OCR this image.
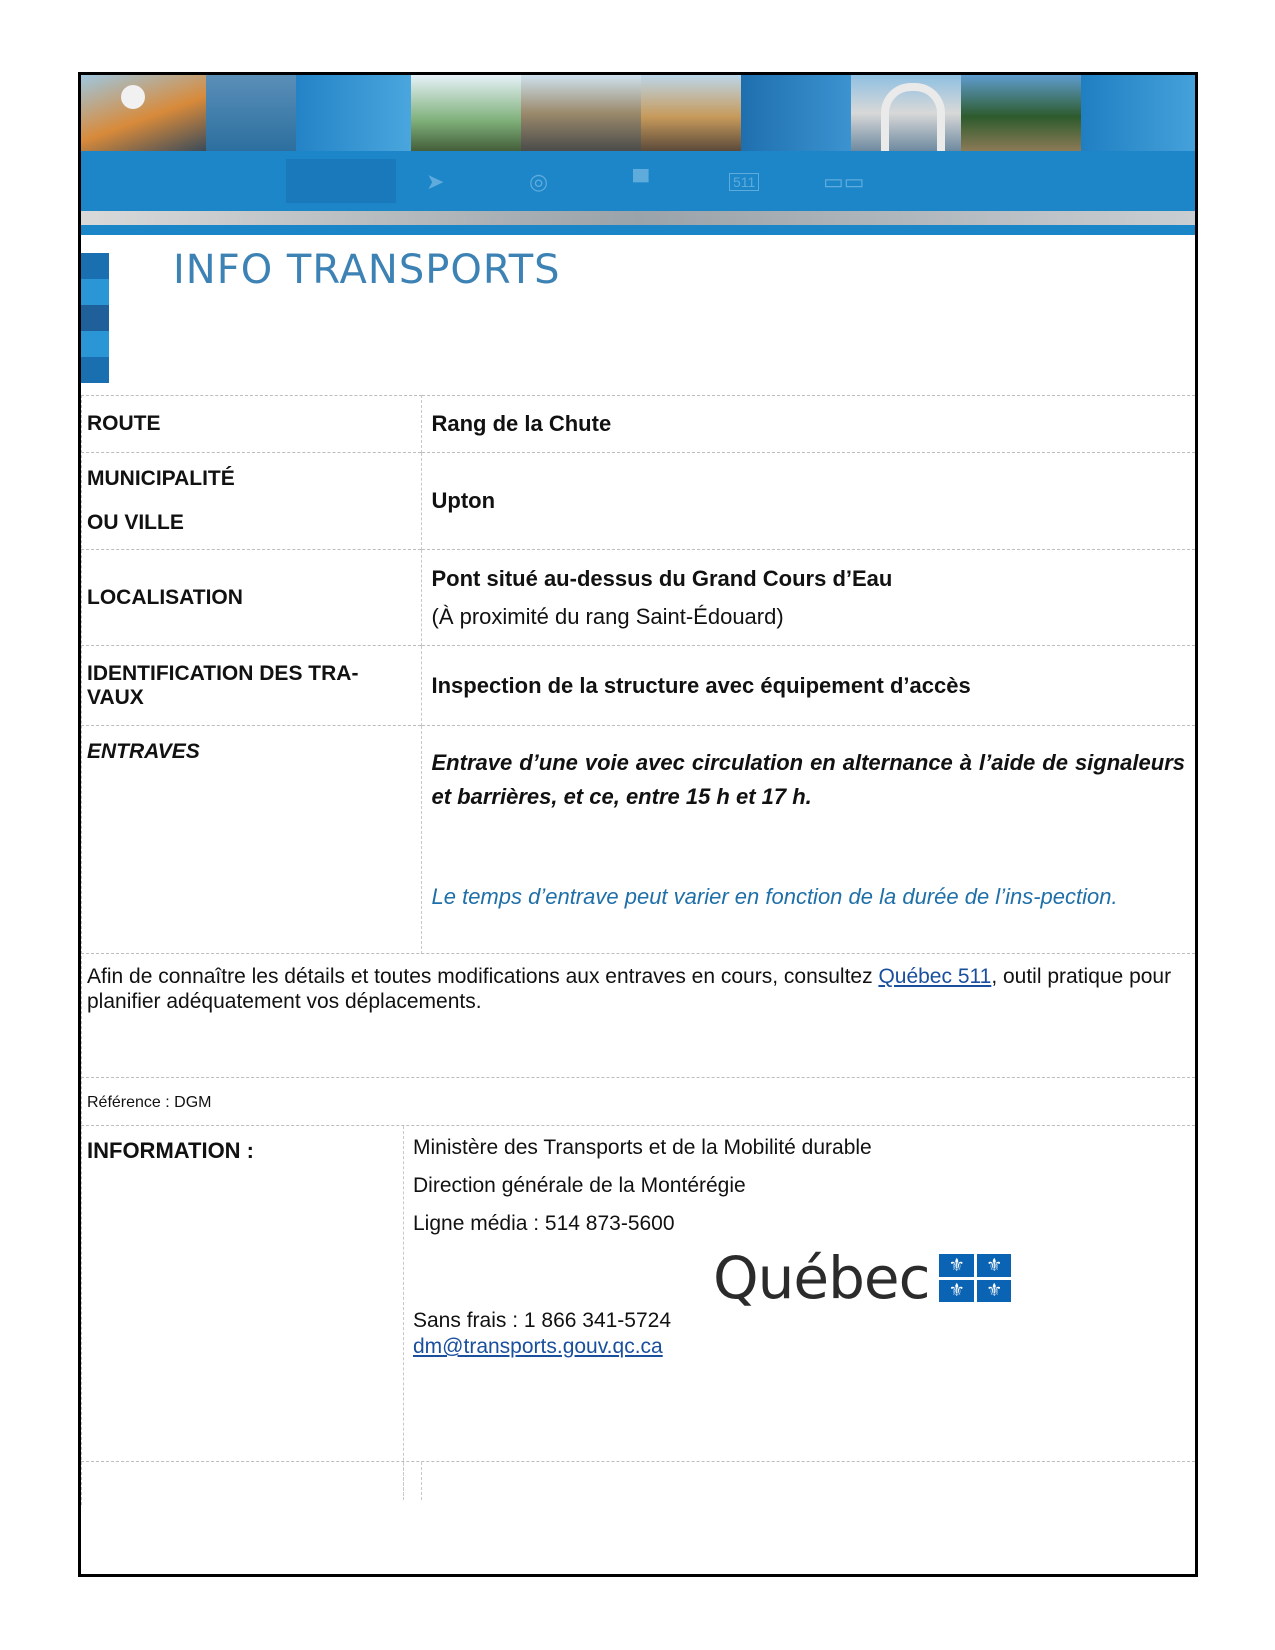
➤	◎	▀	511	▭▭
INFO TRANSPORTS
ROUTE	Rang de la Chute

MUNICIPALITÉ
OU VILLE	Upton
LOCALISATION	Pont situé au-dessus du Grand Cours d’Eau
(À proximité du rang Saint-Édouard)

IDENTIFICATION DES TRA-VAUX	Inspection de la structure avec équipement d’accès
ENTRAVES	Entrave d’une voie avec circulation en alternance à l’aide de signaleurs et barrières, et ce, entre 15 h et 17 h.
Le temps d’entrave peut varier en fonction de la durée de l’ins-pection.
Afin de connaître les détails et toutes modifications aux entraves en cours, consultez Québec 511, outil pratique pour planifier adéquatement vos déplacements.
Référence : DGM
INFORMATION :	Ministère des Transports et de la Mobilité durable
Direction générale de la Montérégie
Ligne média : 514 873-5600
Sans frais : 1 866 341-5724
dm@transports.gouv.qc.ca
Québec	⚜	⚜
⚜	⚜
